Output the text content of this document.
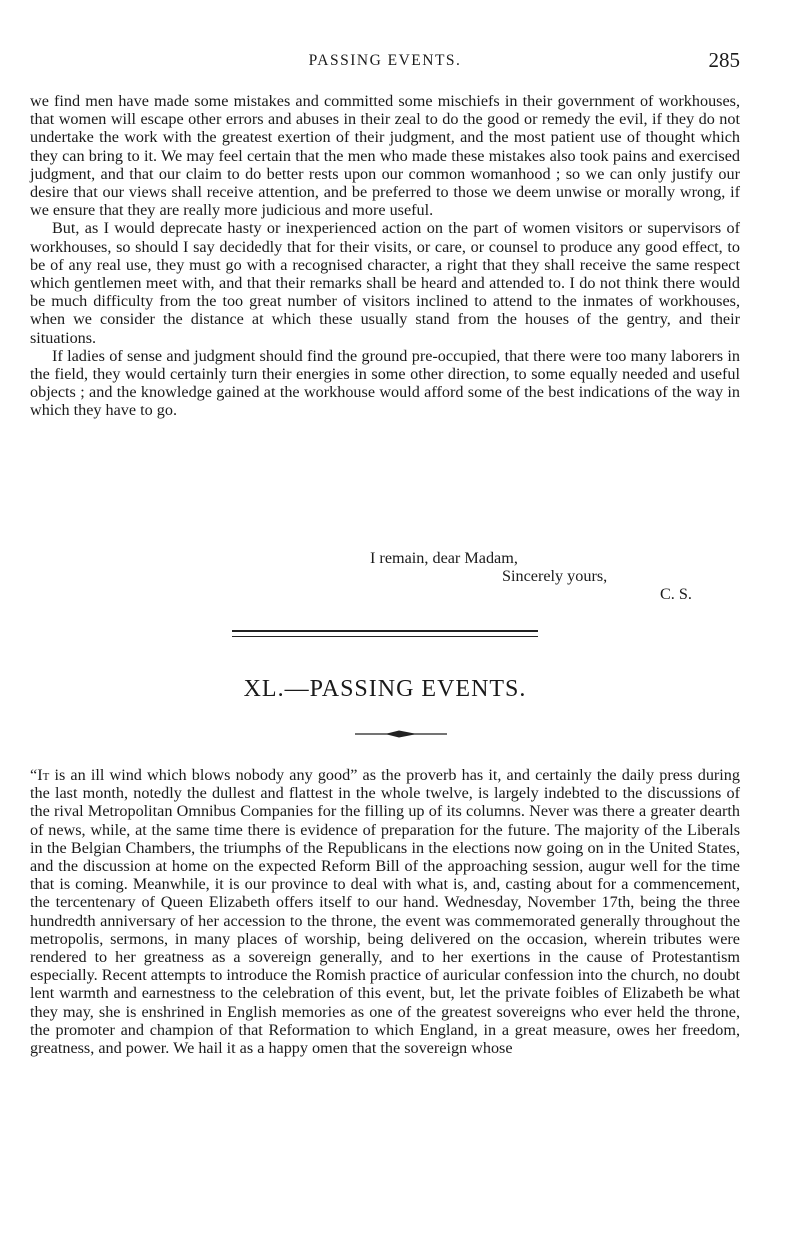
PASSING EVENTS.	285

we find men have made some mistakes and committed some mischiefs in their government of workhouses, that women will escape other errors and abuses in their zeal to do the good or remedy the evil, if they do not undertake the work with the greatest exertion of their judgment, and the most patient use of thought which they can bring to it. We may feel certain that the men who made these mistakes also took pains and exercised judgment, and that our claim to do better rests upon our common womanhood ; so we can only justify our desire that our views shall receive attention, and be preferred to those we deem unwise or morally wrong, if we ensure that they are really more judicious and more useful.

But, as I would deprecate hasty or inexperienced action on the part of women visitors or supervisors of workhouses, so should I say decidedly that for their visits, or care, or counsel to produce any good effect, to be of any real use, they must go with a recognised character, a right that they shall receive the same respect which gentlemen meet with, and that their remarks shall be heard and attended to. I do not think there would be much difficulty from the too great number of visitors inclined to attend to the inmates of workhouses, when we consider the distance at which these usually stand from the houses of the gentry, and their situations.

If ladies of sense and judgment should find the ground pre-occupied, that there were too many laborers in the field, they would certainly turn their energies in some other direction, to some equally needed and useful objects ; and the knowledge gained at the workhouse would afford some of the best indications of the way in which they have to go.

I remain, dear Madam,
Sincerely yours,
C. S.
XL.—PASSING EVENTS.

“It is an ill wind which blows nobody any good” as the proverb has it, and certainly the daily press during the last month, notedly the dullest and flattest in the whole twelve, is largely indebted to the discussions of the rival Metropolitan Omnibus Companies for the filling up of its columns. Never was there a greater dearth of news, while, at the same time there is evidence of preparation for the future. The majority of the Liberals in the Belgian Chambers, the triumphs of the Republicans in the elections now going on in the United States, and the discussion at home on the expected Reform Bill of the approaching session, augur well for the time that is coming. Meanwhile, it is our province to deal with what is, and, casting about for a commencement, the tercentenary of Queen Elizabeth offers itself to our hand. Wednesday, November 17th, being the three hundredth anniversary of her accession to the throne, the event was commemorated generally throughout the metropolis, sermons, in many places of worship, being delivered on the occasion, wherein tributes were rendered to her greatness as a sovereign generally, and to her exertions in the cause of Protestantism especially. Recent attempts to introduce the Romish practice of auricular confession into the church, no doubt lent warmth and earnestness to the celebration of this event, but, let the private foibles of Elizabeth be what they may, she is enshrined in English memories as one of the greatest sovereigns who ever held the throne, the promoter and champion of that Reformation to which England, in a great measure, owes her freedom, greatness, and power. We hail it as a happy omen that the sovereign whose
